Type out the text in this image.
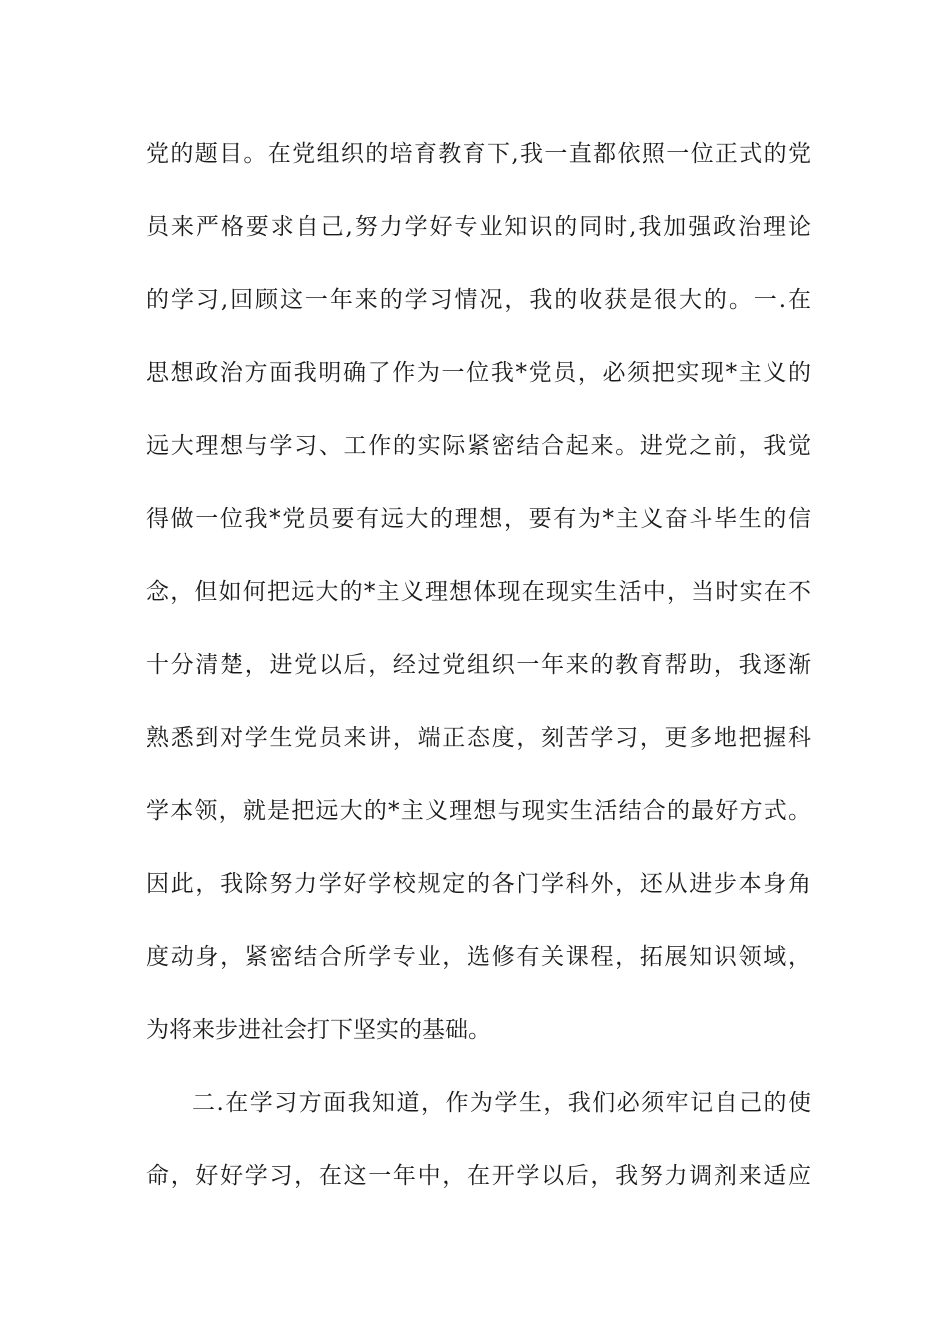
党的题目。在党组织的培育教育下,我一直都依照一位正式的党
员来严格要求自己,努力学好专业知识的同时,我加强政治理论
的学习,回顾这一年来的学习情况，我的收获是很大的。一.在
思想政治方面我明确了作为一位我*党员，必须把实现*主义的
远大理想与学习、工作的实际紧密结合起来。进党之前，我觉
得做一位我*党员要有远大的理想，要有为*主义奋斗毕生的信
念，但如何把远大的*主义理想体现在现实生活中，当时实在不
十分清楚，进党以后，经过党组织一年来的教育帮助，我逐渐
熟悉到对学生党员来讲，端正态度，刻苦学习，更多地把握科
学本领，就是把远大的*主义理想与现实生活结合的最好方式。
因此，我除努力学好学校规定的各门学科外，还从进步本身角
度动身，紧密结合所学专业，选修有关课程，拓展知识领域，
为将来步进社会打下坚实的基础。
二.在学习方面我知道，作为学生，我们必须牢记自己的使
命，好好学习，在这一年中，在开学以后，我努力调剂来适应
